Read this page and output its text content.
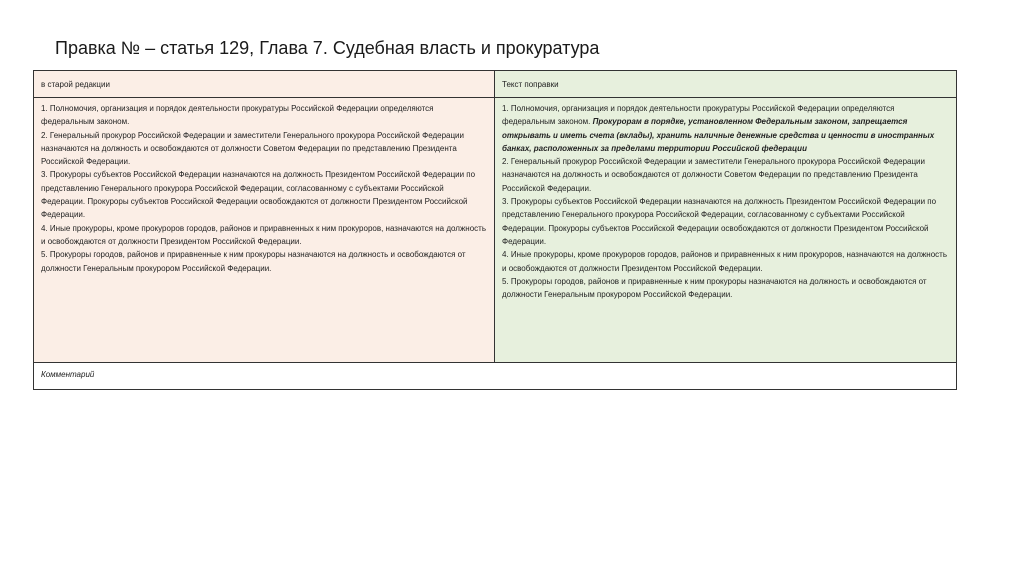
Правка № – статья 129, Глава 7. Судебная власть и прокуратура
в старой редакции	Текст поправки

1. Полномочия, организация и порядок деятельности прокуратуры Российской Федерации определяются федеральным законом.

2. Генеральный прокурор Российской Федерации и заместители Генерального прокурора Российской Федерации назначаются на должность и освобождаются от должности Советом Федерации по представлению Президента Российской Федерации.

3. Прокуроры субъектов Российской Федерации назначаются на должность Президентом Российской Федерации по представлению Генерального прокурора Российской Федерации, согласованному с субъектами Российской Федерации. Прокуроры субъектов Российской Федерации освобождаются от должности Президентом Российской Федерации.

4. Иные прокуроры, кроме прокуроров городов, районов и приравненных к ним прокуроров, назначаются на должность и освобождаются от должности Президентом Российской Федерации.

5. Прокуроры городов, районов и приравненные к ним прокуроры назначаются на должность и освобождаются от должности Генеральным прокурором Российской Федерации.

1. Полномочия, организация и порядок деятельности прокуратуры Российской Федерации определяются федеральным законом. Прокурорам в порядке, установленном Федеральным законом, запрещается открывать и иметь счета (вклады), хранить наличные денежные средства и ценности в иностранных банках, расположенных за пределами территории Российской федерации

2. Генеральный прокурор Российской Федерации и заместители Генерального прокурора Российской Федерации назначаются на должность и освобождаются от должности Советом Федерации по представлению Президента Российской Федерации.

3. Прокуроры субъектов Российской Федерации назначаются на должность Президентом Российской Федерации по представлению Генерального прокурора Российской Федерации, согласованному с субъектами Российской Федерации. Прокуроры субъектов Российской Федерации освобождаются от должности Президентом Российской Федерации.

4. Иные прокуроры, кроме прокуроров городов, районов и приравненных к ним прокуроров, назначаются на должность и освобождаются от должности Президентом Российской Федерации.

5. Прокуроры городов, районов и приравненные к ним прокуроры назначаются на должность и освобождаются от должности Генеральным прокурором Российской Федерации.

Комментарий
